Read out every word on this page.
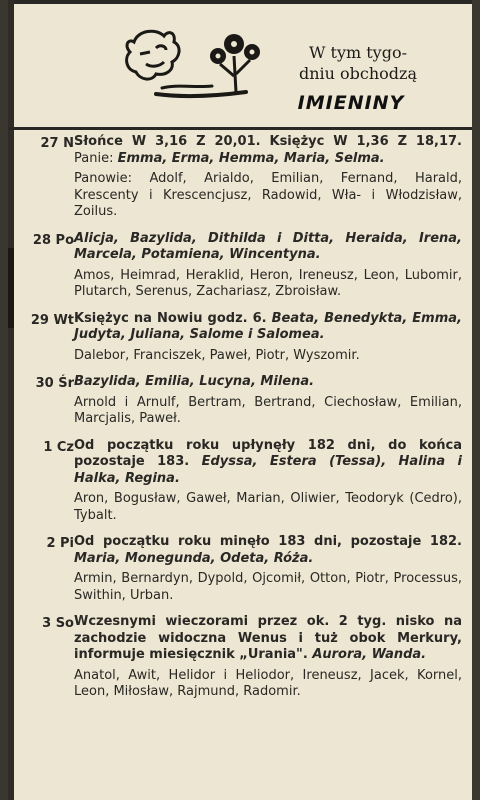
W tym tygo-
dniu obchodzą
IMIENINY
27 N Słońce W 3,16 Z 20,01. Księżyc W 1,36 Z 18,17. Panie: Emma, Erma, Hemma, Maria, Selma.
Panowie: Adolf, Arialdo, Emilian, Fernand, Harald, Krescenty i Krescencjusz, Radowid, Wła- i Włodzisław, Zoilus.
28 Po Alicja, Bazylida, Dithilda i Ditta, Heraida, Irena, Marcela, Potamiena, Wincentyna.
Amos, Heimrad, Heraklid, Heron, Ireneusz, Leon, Lubomir, Plutarch, Serenus, Zachariasz, Zbroisław.
29 Wt Księżyc na Nowiu godz. 6. Beata, Benedykta, Emma, Judyta, Juliana, Salome i Salomea.
Dalebor, Franciszek, Paweł, Piotr, Wyszomir.
30 Śr Bazylida, Emilia, Lucyna, Milena.
Arnold i Arnulf, Bertram, Bertrand, Ciechosław, Emilian, Marcjalis, Paweł.
1 Cz Od początku roku upłynęły 182 dni, do końca pozostaje 183. Edyssa, Estera (Tessa), Halina i Halka, Regina.
Aron, Bogusław, Gaweł, Marian, Oliwier, Teodoryk (Cedro), Tybalt.
2 Pi Od początku roku minęło 183 dni, pozostaje 182. Maria, Monegunda, Odeta, Róża.
Armin, Bernardyn, Dypold, Ojcomił, Otton, Piotr, Processus, Swithin, Urban.
3 So Wczesnymi wieczorami przez ok. 2 tyg. nisko na zachodzie widoczna Wenus i tuż obok Merkury, informuje miesięcznik „Urania". Aurora, Wanda.
Anatol, Awit, Helidor i Heliodor, Ireneusz, Jacek, Kornel, Leon, Miłosław, Rajmund, Radomir.
